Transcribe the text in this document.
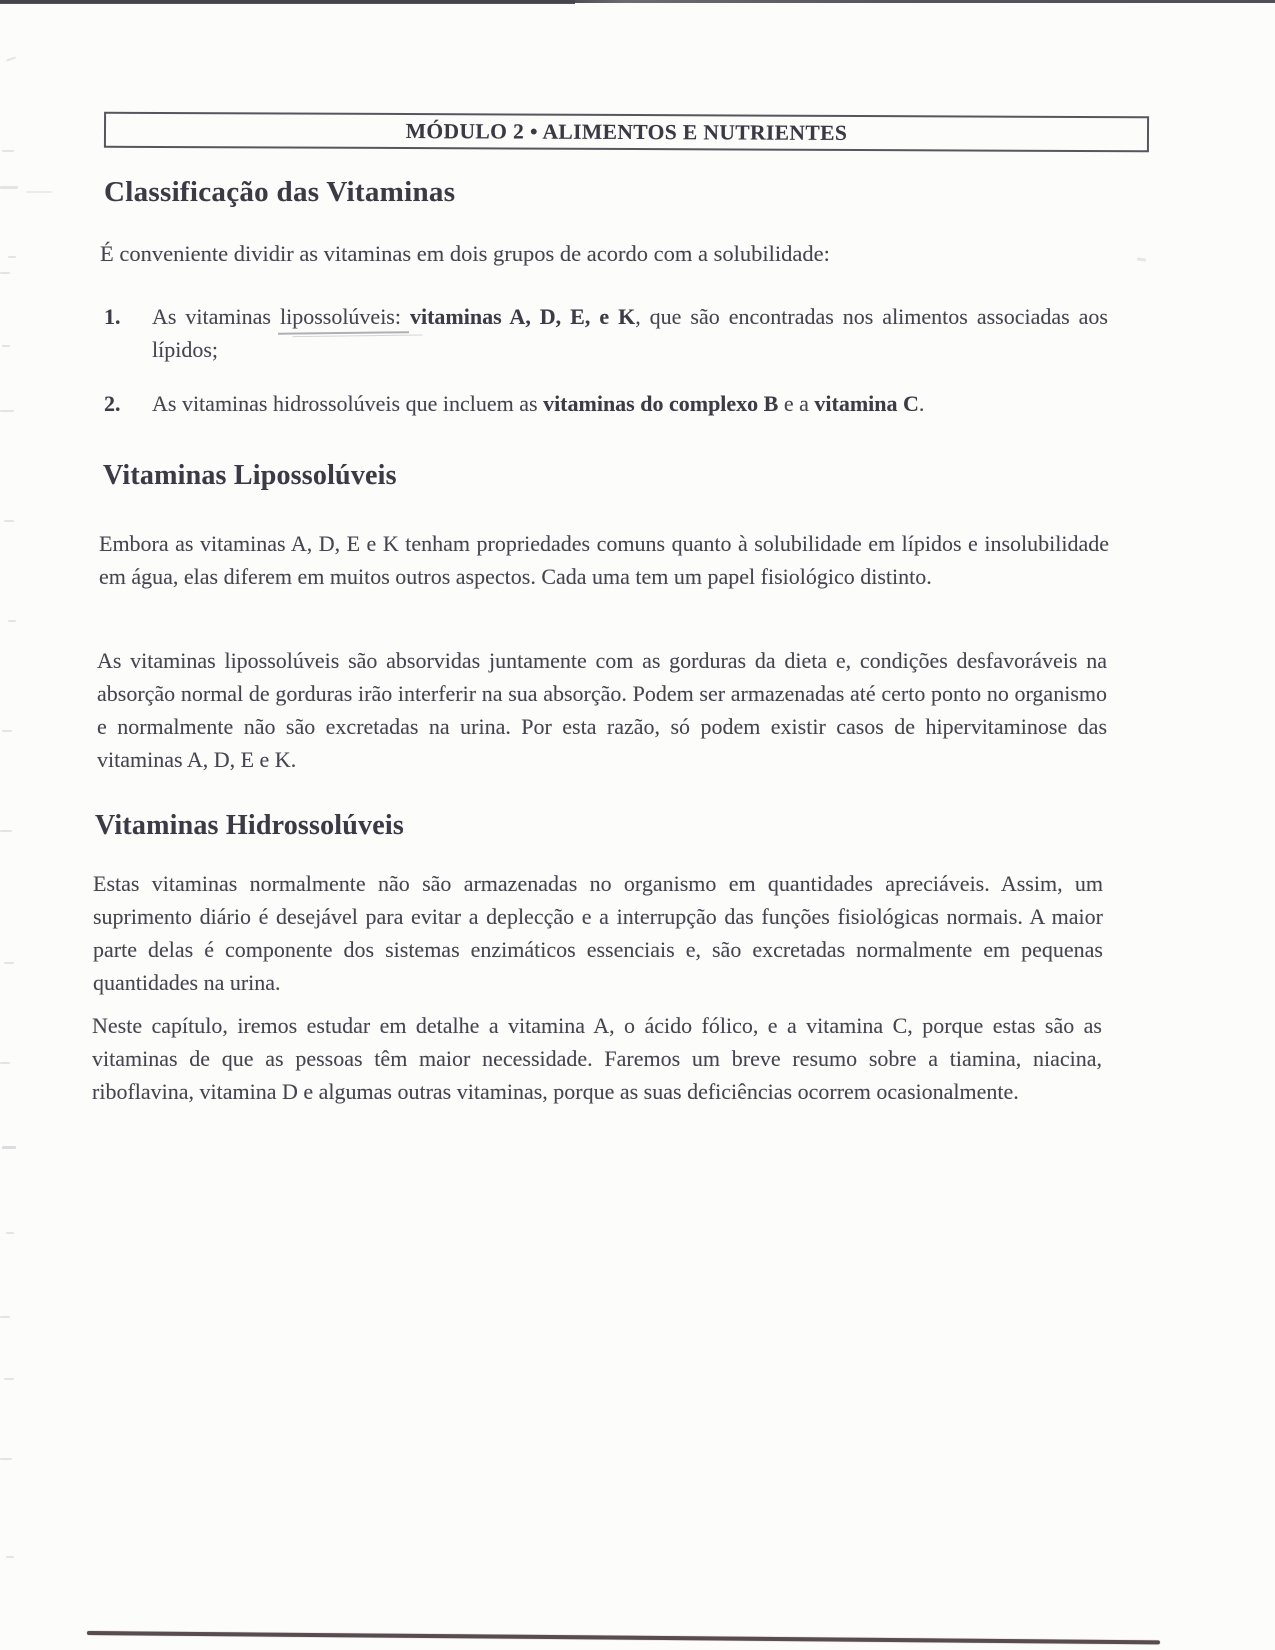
MÓDULO 2 • ALIMENTOS E NUTRIENTES
Classificação das Vitaminas

É conveniente dividir as vitaminas em dois grupos de acordo com a solubilidade:

1.	As vitaminas lipossolúveis: vitaminas A, D, E, e K, que são encontradas nos alimentos associadas aos lípidos;
2.	As vitaminas hidrossolúveis que incluem as vitaminas do complexo B e a vitamina C.
Vitaminas Lipossolúveis

Embora as vitaminas A, D, E e K tenham propriedades comuns quanto à solubilidade em lípidos e insolubilidade em água, elas diferem em muitos outros aspectos. Cada uma tem um papel fisiológico distinto.

As vitaminas lipossolúveis são absorvidas juntamente com as gorduras da dieta e, condições desfavoráveis na absorção normal de gorduras irão interferir na sua absorção. Podem ser armazenadas até certo ponto no organismo e normalmente não são excretadas na urina. Por esta razão, só podem existir casos de hipervitaminose das vitaminas A, D, E e K.

Vitaminas Hidrossolúveis

Estas vitaminas normalmente não são armazenadas no organismo em quantidades apreciáveis. Assim, um suprimento diário é desejável para evitar a deplecção e a interrupção das funções fisiológicas normais. A maior parte delas é componente dos sistemas enzimáticos essenciais e, são excretadas normalmente em pequenas quantidades na urina.

Neste capítulo, iremos estudar em detalhe a vitamina A, o ácido fólico, e a vitamina C, porque estas são as vitaminas de que as pessoas têm maior necessidade. Faremos um breve resumo sobre a tiamina, niacina, riboflavina, vitamina D e algumas outras vitaminas, porque as suas deficiências ocorrem ocasionalmente.
